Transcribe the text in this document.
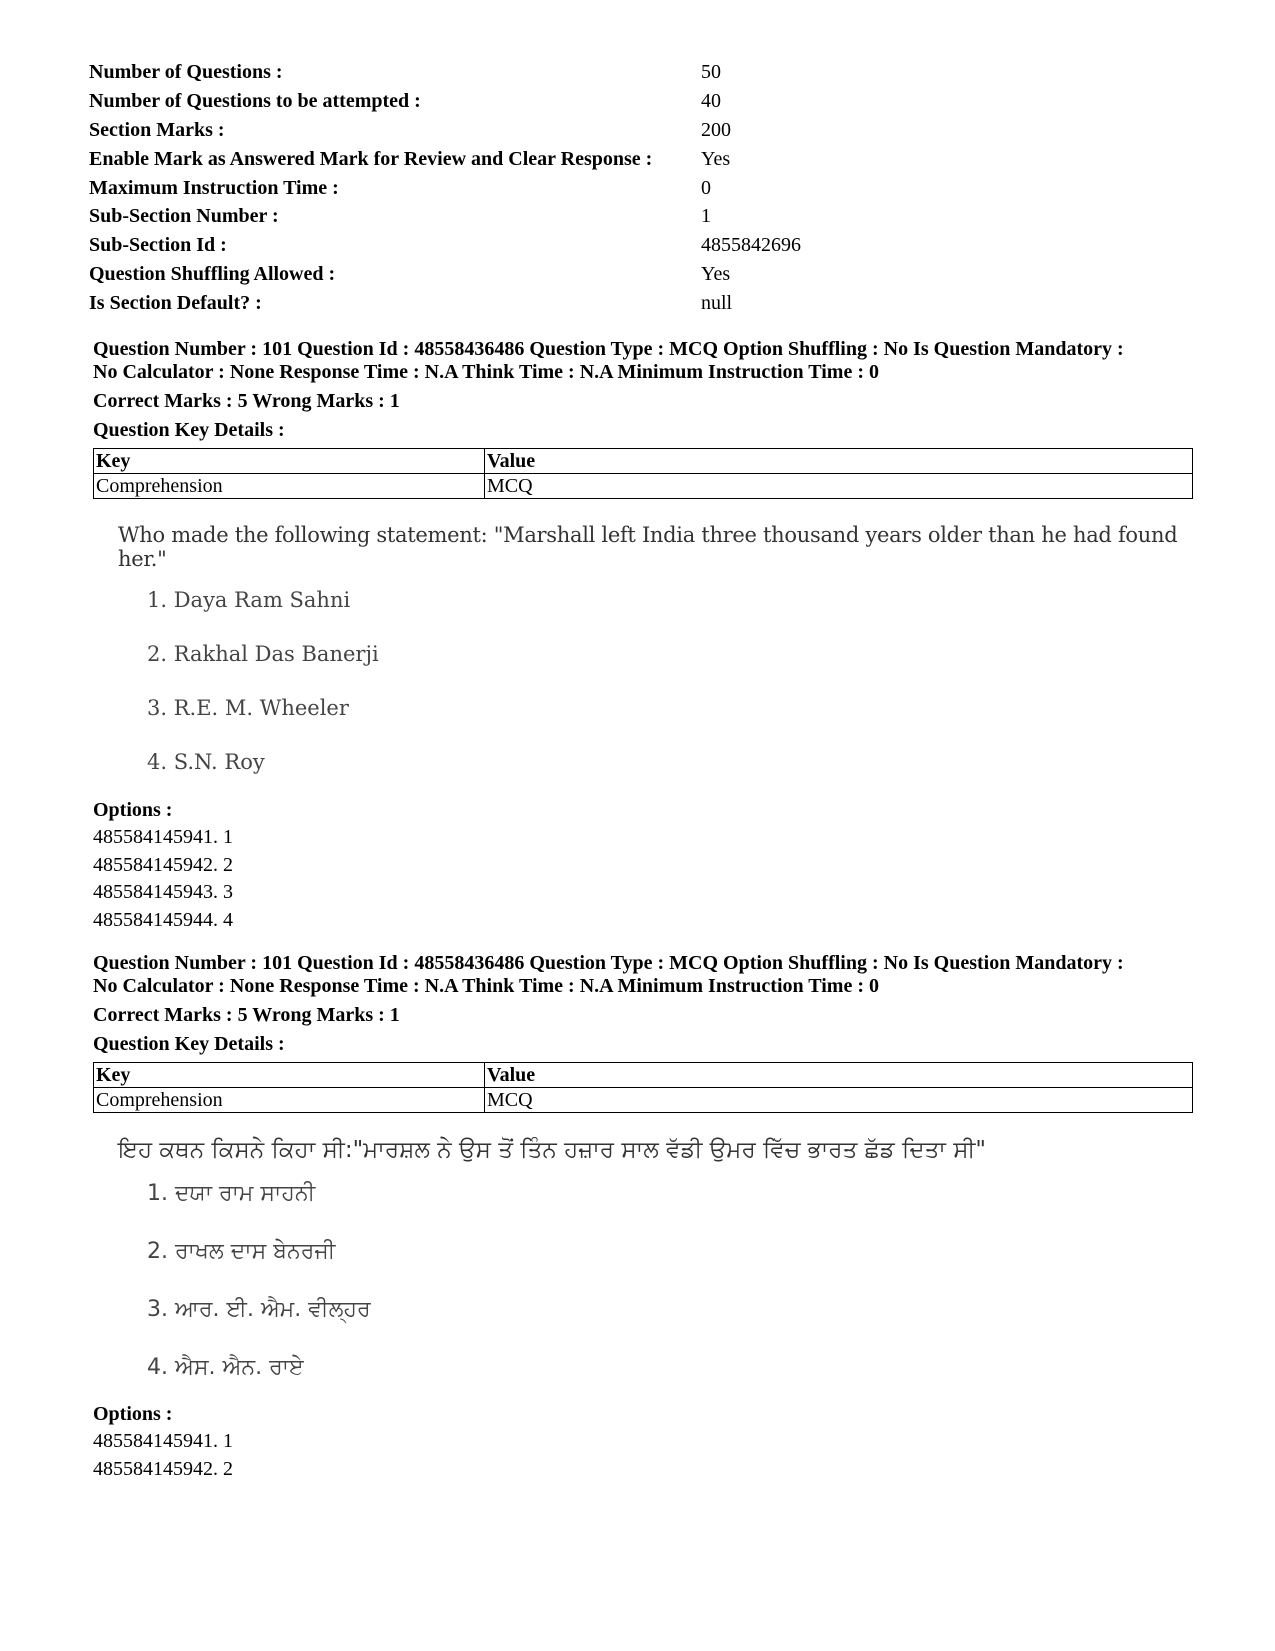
Number of Questions :	50
Number of Questions to be attempted :	40
Section Marks :	200
Enable Mark as Answered Mark for Review and Clear Response :	Yes
Maximum Instruction Time :	0
Sub-Section Number :	1
Sub-Section Id :	4855842696
Question Shuffling Allowed :	Yes
Is Section Default? :	null
Question Number : 101 Question Id : 48558436486 Question Type : MCQ Option Shuffling : No Is Question Mandatory :
No Calculator : None Response Time : N.A Think Time : N.A Minimum Instruction Time : 0
Correct Marks : 5 Wrong Marks : 1
Question Key Details :
Key	Value
Comprehension	MCQ
Who made the following statement: "Marshall left India three thousand years older than he had found her."
1. Daya Ram Sahni
2. Rakhal Das Banerji
3. R.E. M. Wheeler
4. S.N. Roy
Options :
485584145941. 1
485584145942. 2
485584145943. 3
485584145944. 4
Question Number : 101 Question Id : 48558436486 Question Type : MCQ Option Shuffling : No Is Question Mandatory :
No Calculator : None Response Time : N.A Think Time : N.A Minimum Instruction Time : 0
Correct Marks : 5 Wrong Marks : 1
Question Key Details :
Key	Value
Comprehension	MCQ
ਇਹ ਕਥਨ ਕਿਸਨੇ ਕਿਹਾ ਸੀ:"ਮਾਰਸ਼ਲ ਨੇ ਉਸ ਤੋਂ ਤਿੰਨ ਹਜ਼ਾਰ ਸਾਲ ਵੱਡੀ ਉਮਰ ਵਿੱਚ ਭਾਰਤ ਛੱਡ ਦਿਤਾ ਸੀ"
1. ਦਯਾ ਰਾਮ ਸਾਹਨੀ
2. ਰਾਖਲ ਦਾਸ ਬੇਨਰਜੀ
3. ਆਰ. ਈ. ਐਮ. ਵੀਲ੍ਹਰ
4. ਐਸ. ਐਨ. ਰਾਏ
Options :
485584145941. 1
485584145942. 2
